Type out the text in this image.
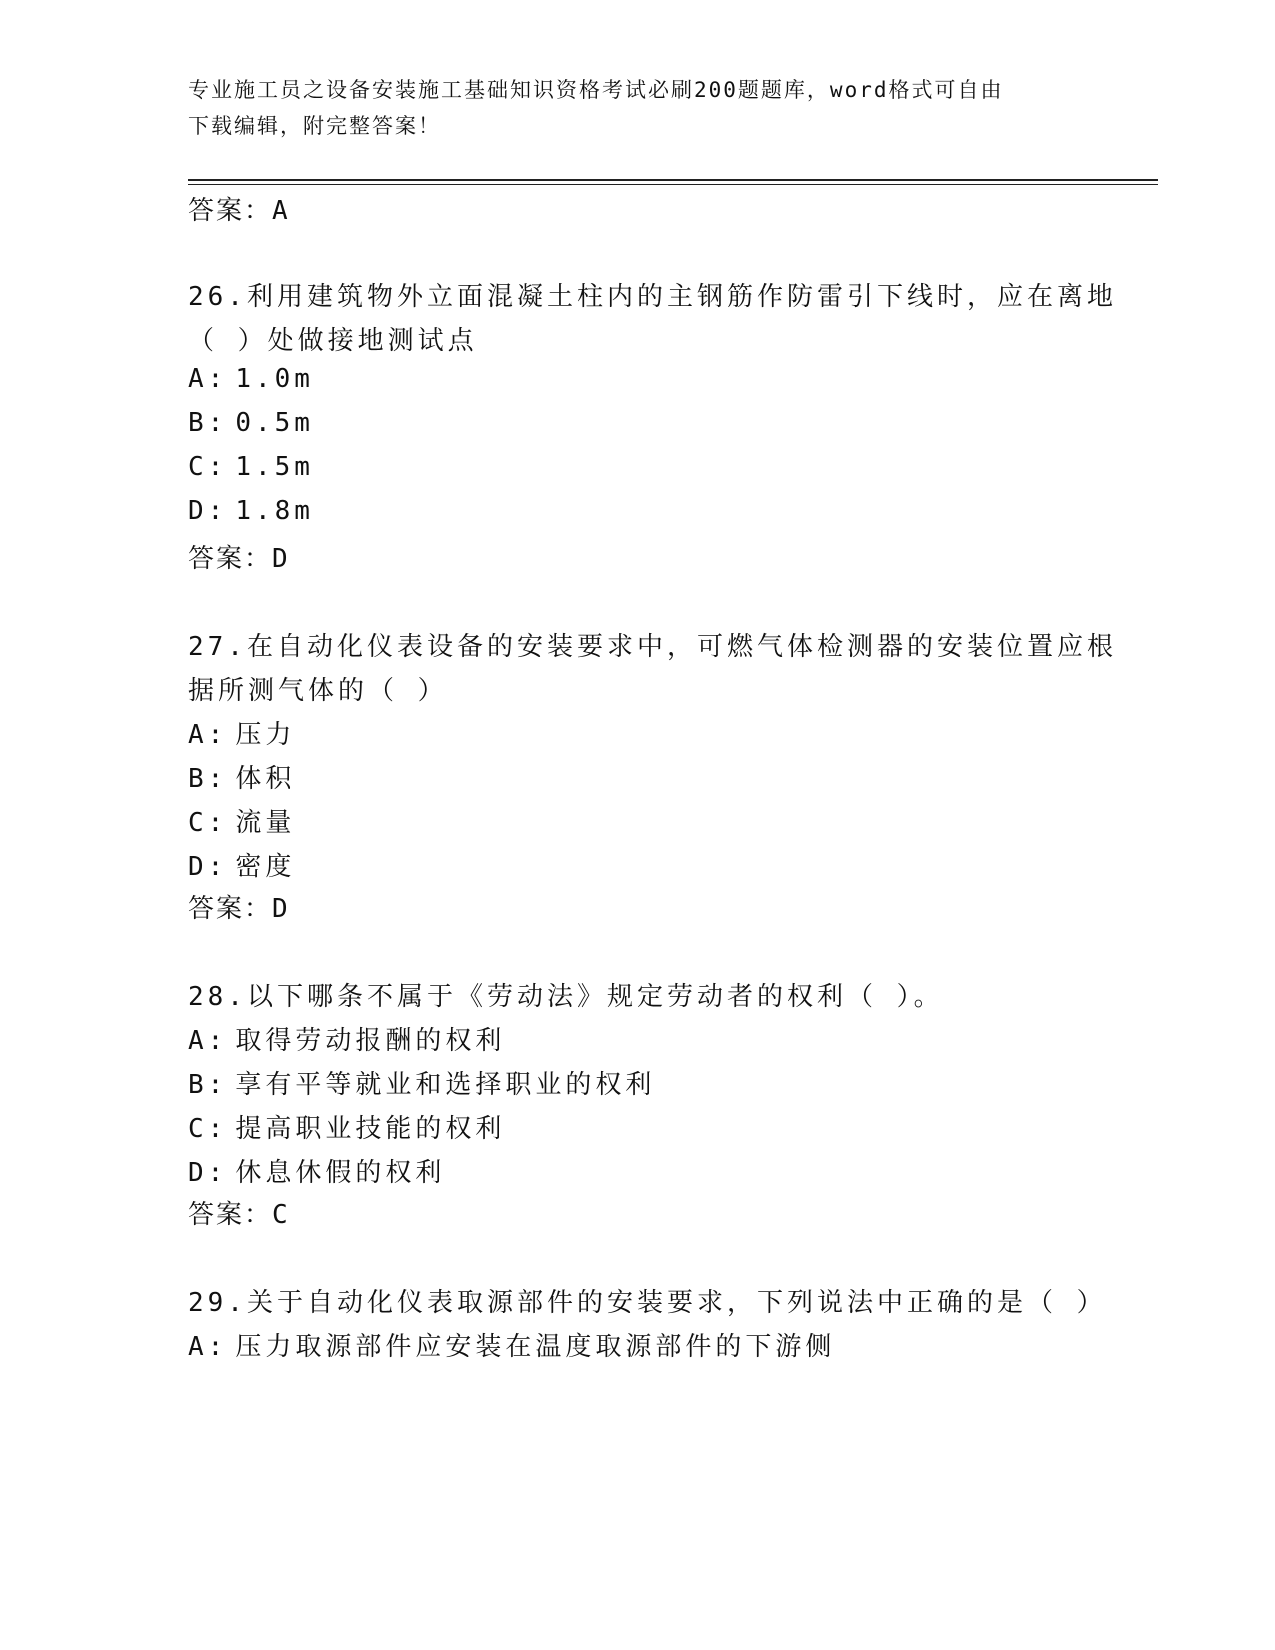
专业施工员之设备安装施工基础知识资格考试必刷200题题库，word格式可自由
下载编辑，附完整答案！
答案：A
26.利用建筑物外立面混凝土柱内的主钢筋作防雷引下线时，应在离地
（ ）处做接地测试点
A: 1.0m
B: 0.5m
C: 1.5m
D: 1.8m
答案：D
27.在自动化仪表设备的安装要求中，可燃气体检测器的安装位置应根
据所测气体的（ ）
A: 压力
B: 体积
C: 流量
D: 密度
答案：D
28.以下哪条不属于《劳动法》规定劳动者的权利（ ）。
A: 取得劳动报酬的权利
B: 享有平等就业和选择职业的权利
C: 提高职业技能的权利
D: 休息休假的权利
答案：C
29.关于自动化仪表取源部件的安装要求，下列说法中正确的是（ ）
A: 压力取源部件应安装在温度取源部件的下游侧
